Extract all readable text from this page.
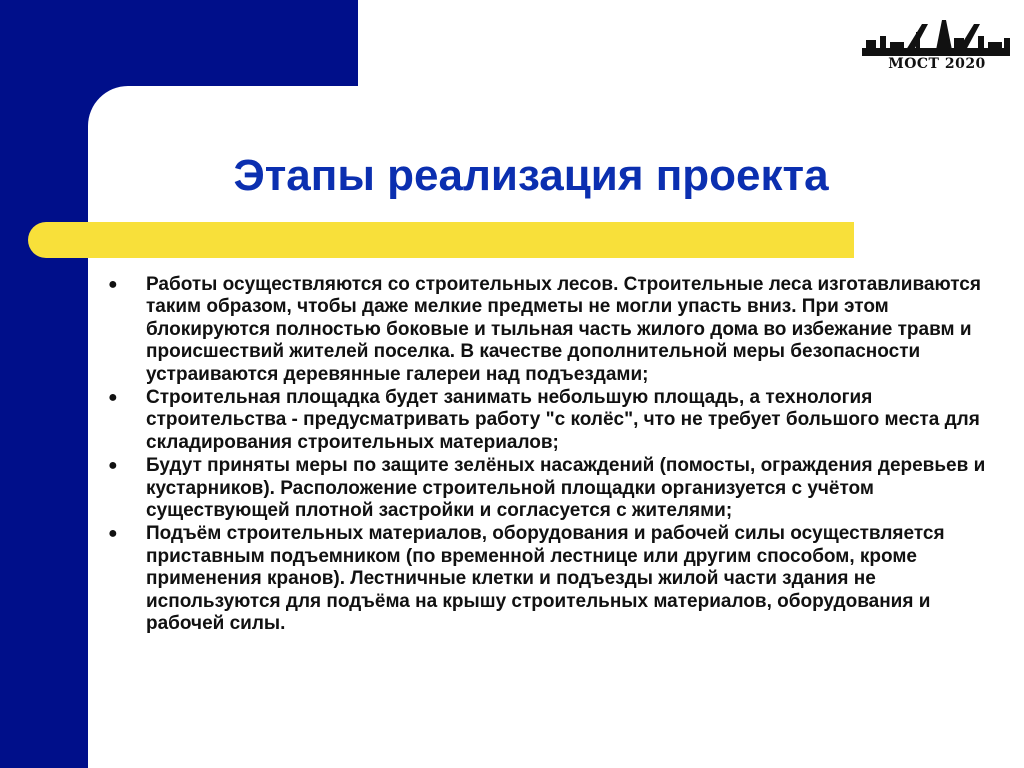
МОСТ 2020
Этапы реализация проекта
● Работы осуществляются со строительных лесов. Строительные леса изготавливаются таким образом, чтобы даже мелкие предметы не могли упасть вниз. При этом блокируются полностью боковые и тыльная часть жилого дома во избежание травм и происшествий жителей поселка. В качестве дополнительной меры безопасности устраиваются деревянные галереи над подъездами;
● Строительная площадка будет занимать небольшую площадь, а технология строительства - предусматривать работу "с колёс", что не требует большого места для складирования строительных материалов;
● Будут приняты меры по защите зелёных насаждений (помосты, ограждения деревьев и кустарников). Расположение строительной площадки организуется с учётом существующей плотной застройки и согласуется с жителями;
● Подъём строительных материалов, оборудования и рабочей силы осуществляется приставным подъемником (по временной лестнице или другим способом, кроме применения кранов). Лестничные клетки и подъезды жилой части здания не используются для подъёма на крышу строительных материалов, оборудования и рабочей силы.
